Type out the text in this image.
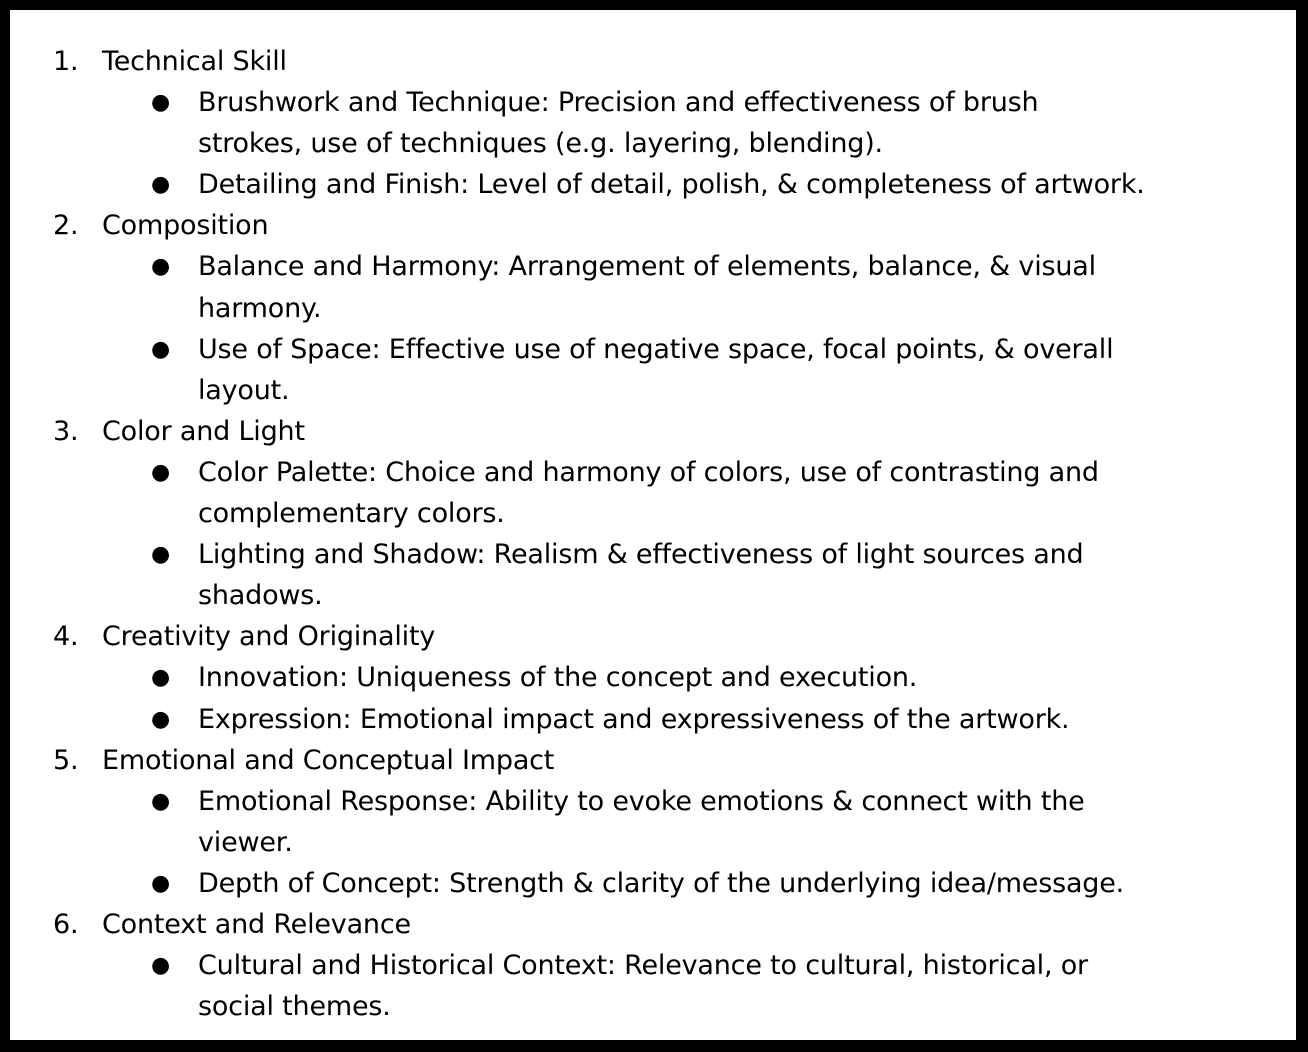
1. Technical Skill
● Brushwork and Technique: Precision and effectiveness of brush
strokes, use of techniques (e.g. layering, blending).
● Detailing and Finish: Level of detail, polish, & completeness of artwork.
2. Composition
● Balance and Harmony: Arrangement of elements, balance, & visual
harmony.
● Use of Space: Effective use of negative space, focal points, & overall
layout.
3. Color and Light
● Color Palette: Choice and harmony of colors, use of contrasting and
complementary colors.
● Lighting and Shadow: Realism & effectiveness of light sources and
shadows.
4. Creativity and Originality
● Innovation: Uniqueness of the concept and execution.
● Expression: Emotional impact and expressiveness of the artwork.
5. Emotional and Conceptual Impact
● Emotional Response: Ability to evoke emotions & connect with the
viewer.
● Depth of Concept: Strength & clarity of the underlying idea/message.
6. Context and Relevance
● Cultural and Historical Context: Relevance to cultural, historical, or
social themes.
